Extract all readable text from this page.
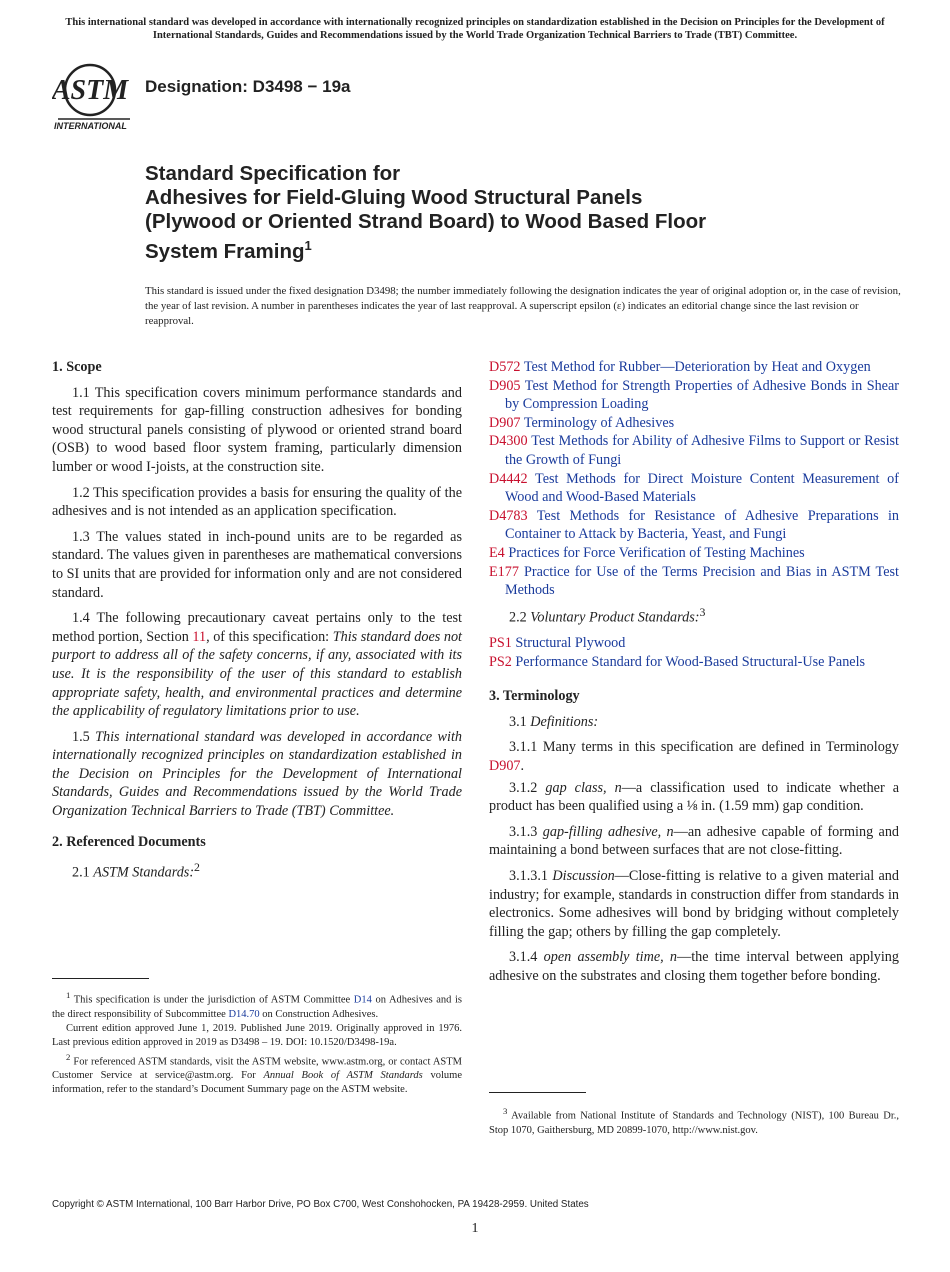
This international standard was developed in accordance with internationally recognized principles on standardization established in the Decision on Principles for the Development of International Standards, Guides and Recommendations issued by the World Trade Organization Technical Barriers to Trade (TBT) Committee.
ASTM
INTERNATIONAL
Designation: D3498 − 19a
Standard Specification for
Adhesives for Field-Gluing Wood Structural Panels
(Plywood or Oriented Strand Board) to Wood Based Floor
System Framing$^1$
This standard is issued under the fixed designation D3498; the number immediately following the designation indicates the year of original adoption or, in the case of revision, the year of last revision. A number in parentheses indicates the year of last reapproval. A superscript epsilon (ε) indicates an editorial change since the last revision or reapproval.
1. Scope

1.1 This specification covers minimum performance standards and test requirements for gap-filling construction adhesives for bonding wood structural panels consisting of plywood or oriented strand board (OSB) to wood based floor system framing, particularly dimension lumber or wood I-joists, at the construction site.

1.2 This specification provides a basis for ensuring the quality of the adhesives and is not intended as an application specification.

1.3 The values stated in inch-pound units are to be regarded as standard. The values given in parentheses are mathematical conversions to SI units that are provided for information only and are not considered standard.

1.4 The following precautionary caveat pertains only to the test method portion, Section 11, of this specification: This standard does not purport to address all of the safety concerns, if any, associated with its use. It is the responsibility of the user of this standard to establish appropriate safety, health, and environmental practices and determine the applicability of regulatory limitations prior to use.

1.5 This international standard was developed in accordance with internationally recognized principles on standardization established in the Decision on Principles for the Development of International Standards, Guides and Recommendations issued by the World Trade Organization Technical Barriers to Trade (TBT) Committee.

2. Referenced Documents

2.1 ASTM Standards:$^2$

$^1$ This specification is under the jurisdiction of ASTM Committee D14 on Adhesives and is the direct responsibility of Subcommittee D14.70 on Construction Adhesives.

Current edition approved June 1, 2019. Published June 2019. Originally approved in 1976. Last previous edition approved in 2019 as D3498 – 19. DOI: 10.1520/D3498-19a.

$^2$ For referenced ASTM standards, visit the ASTM website, www.astm.org, or contact ASTM Customer Service at service@astm.org. For Annual Book of ASTM Standards volume information, refer to the standard’s Document Summary page on the ASTM website.

D572 Test Method for Rubber—Deterioration by Heat and Oxygen
D905 Test Method for Strength Properties of Adhesive Bonds in Shear by Compression Loading
D907 Terminology of Adhesives
D4300 Test Methods for Ability of Adhesive Films to Support or Resist the Growth of Fungi
D4442 Test Methods for Direct Moisture Content Measurement of Wood and Wood-Based Materials
D4783 Test Methods for Resistance of Adhesive Preparations in Container to Attack by Bacteria, Yeast, and Fungi
E4 Practices for Force Verification of Testing Machines
E177 Practice for Use of the Terms Precision and Bias in ASTM Test Methods

2.2 Voluntary Product Standards:$^3$

PS1 Structural Plywood
PS2 Performance Standard for Wood-Based Structural-Use Panels
3. Terminology

3.1 Definitions:

3.1.1 Many terms in this specification are defined in Terminology D907.

3.1.2 gap class, n—a classification used to indicate whether a product has been qualified using a ⅛ in. (1.59 mm) gap condition.

3.1.3 gap-filling adhesive, n—an adhesive capable of forming and maintaining a bond between surfaces that are not close-fitting.

3.1.3.1 Discussion—Close-fitting is relative to a given material and industry; for example, standards in construction differ from standards in electronics. Some adhesives will bond by bridging without completely filling the gap; others by filling the gap completely.

3.1.4 open assembly time, n—the time interval between applying adhesive on the substrates and closing them together before bonding.

$^3$ Available from National Institute of Standards and Technology (NIST), 100 Bureau Dr., Stop 1070, Gaithersburg, MD 20899-1070, http://www.nist.gov.
Copyright © ASTM International, 100 Barr Harbor Drive, PO Box C700, West Conshohocken, PA 19428-2959. United States
1
